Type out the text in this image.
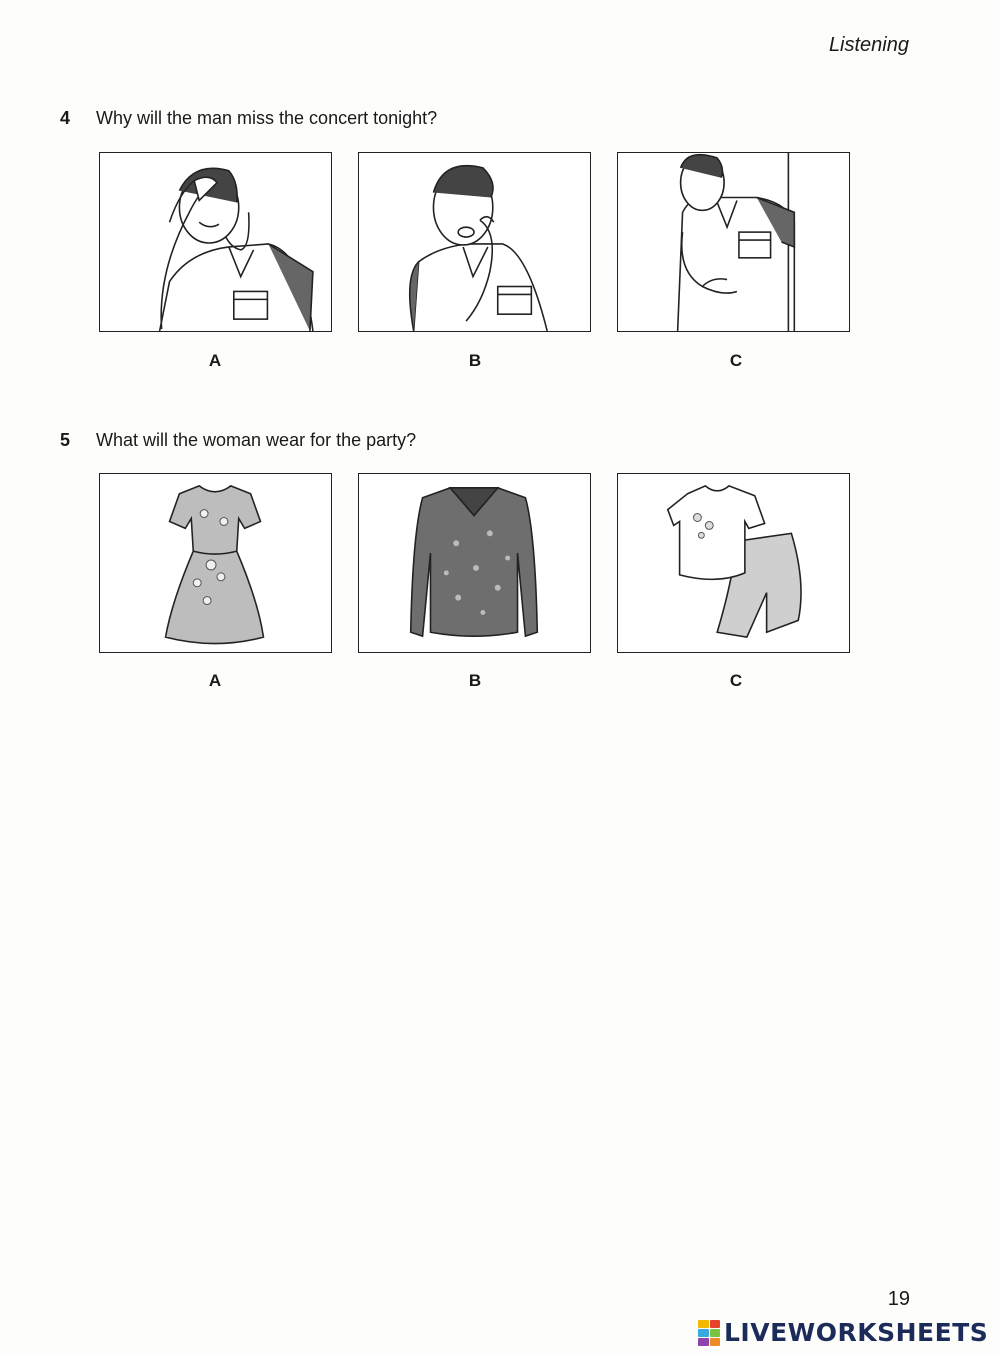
Listening
4 Why will the man miss the concert tonight?
A	B	C
5 What will the woman wear for the party?
A	B	C
19
LIVEWORKSHEETS
